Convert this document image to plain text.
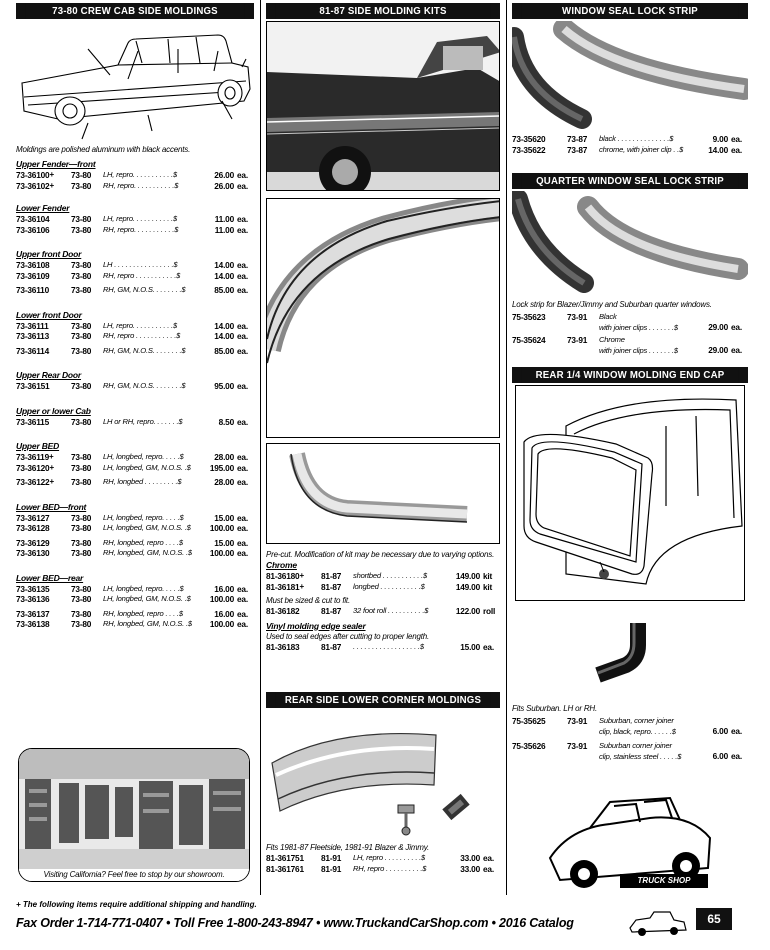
73-80 CREW CAB SIDE MOLDINGS
Moldings are polished aluminum with black accents.
Upper Fender—front
73-36100 + 73-80	LH, repro. . . . . . . . . . .$	26.00 ea.
73-36102 + 73-80	RH, repro. . . . . . . . . . .$	26.00 ea.
Lower Fender
73-36104	73-80	LH, repro. . . . . . . . . . .$	11.00 ea.
73-36106	73-80	RH, repro. . . . . . . . . . .$	11.00 ea.
Upper front Door
73-36108	73-80	LH . . . . . . . . . . . . . . . .$	14.00 ea.
73-36109	73-80	RH, repro . . . . . . . . . . .$	14.00 ea.
73-36110	73-80	RH, GM, N.O.S. . . . . . . .$	85.00 ea.
Lower front Door
73-36111	73-80	LH, repro. . . . . . . . . . .$	14.00 ea.
73-36113	73-80	RH, repro . . . . . . . . . . .$	14.00 ea.
73-36114	73-80	RH, GM, N.O.S. . . . . . . .$	85.00 ea.
Upper Rear Door
73-36151	73-80	RH, GM, N.O.S. . . . . . . .$	95.00 ea.
Upper or lower Cab
73-36115	73-80	LH or RH, repro. . . . . . .$	8.50 ea.
Upper BED
73-36119 + 73-80	LH, longbed, repro. . . . .$	28.00 ea.
73-36120 + 73-80	LH, longbed, GM, N.O.S. .$	195.00 ea.
73-36122 + 73-80	RH, longbed . . . . . . . . .$	28.00 ea.
Lower BED—front
73-36127	73-80	LH, longbed, repro. . . . .$	15.00 ea.
73-36128	73-80	LH, longbed, GM, N.O.S. .$	100.00 ea.
73-36129	73-80	RH, longbed, repro . . . .$	15.00 ea.
73-36130	73-80	RH, longbed, GM, N.O.S. .$	100.00 ea.
Lower BED—rear
73-36135	73-80	LH, longbed, repro. . . . .$	16.00 ea.
73-36136	73-80	LH, longbed, GM, N.O.S. .$	100.00 ea.
73-36137	73-80	RH, longbed, repro . . . .$	16.00 ea.
73-36138	73-80	RH, longbed, GM, N.O.S. .$	100.00 ea.
Visiting California? Feel free to stop by our showroom.
81-87 SIDE MOLDING KITS
Pre-cut. Modification of kit may be necessary due to varying options.
Chrome
81-36180 + 81-87	shortbed . . . . . . . . . . .$	149.00 kit
81-36181 + 81-87	longbed . . . . . . . . . . .$	149.00 kit
Must be sized & cut to fit.
81-36182	81-87	32 foot roll . . . . . . . . . .$	122.00 roll
Vinyl molding edge sealer
Used to seal edges after cutting to proper length.
81-36183	81-87	. . . . . . . . . . . . . . . . . .$	15.00 ea.
REAR SIDE LOWER CORNER MOLDINGS
Fits 1981-87 Fleetside, 1981-91 Blazer & Jimmy.
81-361751 81-91	LH, repro . . . . . . . . . .$	33.00 ea.
81-361761 81-91	RH, repro . . . . . . . . . .$	33.00 ea.
WINDOW SEAL LOCK STRIP
73-35620	73-87	black . . . . . . . . . . . . . .$	9.00 ea.
73-35622	73-87	chrome, with joiner clip . .$	14.00 ea.
QUARTER WINDOW SEAL LOCK STRIP
Lock strip for Blazer/Jimmy and Suburban quarter windows.
75-35623	73-91	Black
with joiner clips . . . . . . .$	29.00 ea.
75-35624	73-91	Chrome
with joiner clips . . . . . . .$	29.00 ea.
REAR 1/4 WINDOW MOLDING END CAP
Fits Suburban. LH or RH.
75-35625	73-91	Suburban, corner joiner
clip, black, repro. . . . . .$	6.00 ea.
75-35626	73-91	Suburban corner joiner
clip, stainless steel . . . . .$	6.00 ea.
TRUCK SHOP
+ The following items require additional shipping and handling.
Fax Order 1-714-771-0407 • Toll Free 1-800-243-8947 • www.TruckandCarShop.com • 2016 Catalog	65
